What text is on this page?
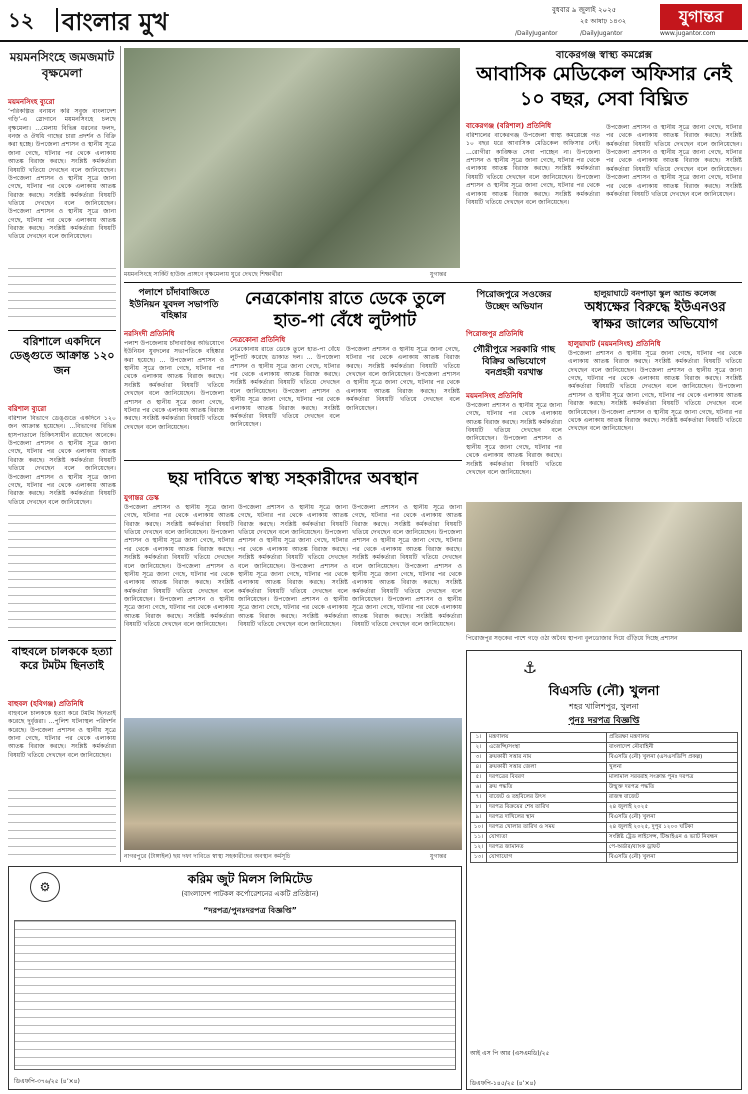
১২ বাংলার মুখ	বুধবার ৯ জুলাই ২০২৫
২৫ আষাঢ় ১৪৩২	যুগান্তর
/DailyJugantor	/DailyJugantor	www.jugantor.com
ময়মনসিংহে জমজমাট বৃক্ষমেলা
ময়মনসিংহ ব্যুরো
‘পরিকল্পিত বনায়ন করি সবুজ বাংলাদেশ গড়ি’-এ স্লোগানে ময়মনসিংহে চলছে বৃক্ষমেলা। ...মেলায় বিভিন্ন ধরনের ফলদ, বনজ ও ঔষধি গাছের চারা প্রদর্শন ও বিক্রি করা হচ্ছে। উপজেলা প্রশাসন ও স্থানীয় সূত্রে জানা গেছে, ঘটনার পর থেকে এলাকায় আতঙ্ক বিরাজ করছে। সংশ্লিষ্ট কর্মকর্তারা বিষয়টি খতিয়ে দেখছেন বলে জানিয়েছেন। উপজেলা প্রশাসন ও স্থানীয় সূত্রে জানা গেছে, ঘটনার পর থেকে এলাকায় আতঙ্ক বিরাজ করছে। সংশ্লিষ্ট কর্মকর্তারা বিষয়টি খতিয়ে দেখছেন বলে জানিয়েছেন। উপজেলা প্রশাসন ও স্থানীয় সূত্রে জানা গেছে, ঘটনার পর থেকে এলাকায় আতঙ্ক বিরাজ করছে। সংশ্লিষ্ট কর্মকর্তারা বিষয়টি খতিয়ে দেখছেন বলে জানিয়েছেন।
বরিশালে একদিনে ডেঙ্গুতে আক্রান্ত ১২০ জন
বরিশাল ব্যুরো
বরিশাল বিভাগে ডেঙ্গুতে একদিনে ১২০ জন আক্রান্ত হয়েছেন। ...বিভাগের বিভিন্ন হাসপাতালে চিকিৎসাধীন রয়েছেন অনেকে। উপজেলা প্রশাসন ও স্থানীয় সূত্রে জানা গেছে, ঘটনার পর থেকে এলাকায় আতঙ্ক বিরাজ করছে। সংশ্লিষ্ট কর্মকর্তারা বিষয়টি খতিয়ে দেখছেন বলে জানিয়েছেন। উপজেলা প্রশাসন ও স্থানীয় সূত্রে জানা গেছে, ঘটনার পর থেকে এলাকায় আতঙ্ক বিরাজ করছে। সংশ্লিষ্ট কর্মকর্তারা বিষয়টি খতিয়ে দেখছেন বলে জানিয়েছেন।
বাহুবলে চালককে হত্যা করে টমটম ছিনতাই
বাহুবল (হবিগঞ্জ) প্রতিনিধি
বাহুবলে চালককে হত্যা করে টমটম ছিনতাই করেছে দুর্বৃত্তরা। ...পুলিশ ঘটনাস্থল পরিদর্শন করেছে। উপজেলা প্রশাসন ও স্থানীয় সূত্রে জানা গেছে, ঘটনার পর থেকে এলাকায় আতঙ্ক বিরাজ করছে। সংশ্লিষ্ট কর্মকর্তারা বিষয়টি খতিয়ে দেখছেন বলে জানিয়েছেন।
ময়মনসিংহে সার্কিট হাউজ প্রাঙ্গণে বৃক্ষমেলায় ঘুরে দেখছে শিক্ষার্থীরা	যুগান্তর
বাকেরগঞ্জ স্বাস্থ্য কমপ্লেক্স
আবাসিক মেডিকেল অফিসার নেই ১০ বছর, সেবা বিঘ্নিত
বাকেরগঞ্জ (বরিশাল) প্রতিনিধি
বরিশালের বাকেরগঞ্জ উপজেলা স্বাস্থ্য কমপ্লেক্সে গত ১০ বছর ধরে আবাসিক মেডিকেল অফিসার নেই। ...রোগীরা কাঙ্ক্ষিত সেবা পাচ্ছেন না। উপজেলা প্রশাসন ও স্থানীয় সূত্রে জানা গেছে, ঘটনার পর থেকে এলাকায় আতঙ্ক বিরাজ করছে। সংশ্লিষ্ট কর্মকর্তারা বিষয়টি খতিয়ে দেখছেন বলে জানিয়েছেন। উপজেলা প্রশাসন ও স্থানীয় সূত্রে জানা গেছে, ঘটনার পর থেকে এলাকায় আতঙ্ক বিরাজ করছে। সংশ্লিষ্ট কর্মকর্তারা বিষয়টি খতিয়ে দেখছেন বলে জানিয়েছেন।
উপজেলা প্রশাসন ও স্থানীয় সূত্রে জানা গেছে, ঘটনার পর থেকে এলাকায় আতঙ্ক বিরাজ করছে। সংশ্লিষ্ট কর্মকর্তারা বিষয়টি খতিয়ে দেখছেন বলে জানিয়েছেন। উপজেলা প্রশাসন ও স্থানীয় সূত্রে জানা গেছে, ঘটনার পর থেকে এলাকায় আতঙ্ক বিরাজ করছে। সংশ্লিষ্ট কর্মকর্তারা বিষয়টি খতিয়ে দেখছেন বলে জানিয়েছেন। উপজেলা প্রশাসন ও স্থানীয় সূত্রে জানা গেছে, ঘটনার পর থেকে এলাকায় আতঙ্ক বিরাজ করছে। সংশ্লিষ্ট কর্মকর্তারা বিষয়টি খতিয়ে দেখছেন বলে জানিয়েছেন।
পলাশে চাঁদাবাজিতে ইউনিয়ন যুবদল সভাপতি বহিষ্কার
নরসিংদী প্রতিনিধি
পলাশ উপজেলায় চাঁদাবাজির অভিযোগে ইউনিয়ন যুবদলের সভাপতিকে বহিষ্কার করা হয়েছে। ... উপজেলা প্রশাসন ও স্থানীয় সূত্রে জানা গেছে, ঘটনার পর থেকে এলাকায় আতঙ্ক বিরাজ করছে। সংশ্লিষ্ট কর্মকর্তারা বিষয়টি খতিয়ে দেখছেন বলে জানিয়েছেন। উপজেলা প্রশাসন ও স্থানীয় সূত্রে জানা গেছে, ঘটনার পর থেকে এলাকায় আতঙ্ক বিরাজ করছে। সংশ্লিষ্ট কর্মকর্তারা বিষয়টি খতিয়ে দেখছেন বলে জানিয়েছেন।
নেত্রকোনায় রাতে ডেকে তুলে হাত-পা বেঁধে লুটপাট
নেত্রকোনা প্রতিনিধি
নেত্রকোনায় রাতে ডেকে তুলে হাত-পা বেঁধে লুটপাট করেছে ডাকাত দল। ... উপজেলা প্রশাসন ও স্থানীয় সূত্রে জানা গেছে, ঘটনার পর থেকে এলাকায় আতঙ্ক বিরাজ করছে। সংশ্লিষ্ট কর্মকর্তারা বিষয়টি খতিয়ে দেখছেন বলে জানিয়েছেন। উপজেলা প্রশাসন ও স্থানীয় সূত্রে জানা গেছে, ঘটনার পর থেকে এলাকায় আতঙ্ক বিরাজ করছে। সংশ্লিষ্ট কর্মকর্তারা বিষয়টি খতিয়ে দেখছেন বলে জানিয়েছেন।
উপজেলা প্রশাসন ও স্থানীয় সূত্রে জানা গেছে, ঘটনার পর থেকে এলাকায় আতঙ্ক বিরাজ করছে। সংশ্লিষ্ট কর্মকর্তারা বিষয়টি খতিয়ে দেখছেন বলে জানিয়েছেন। উপজেলা প্রশাসন ও স্থানীয় সূত্রে জানা গেছে, ঘটনার পর থেকে এলাকায় আতঙ্ক বিরাজ করছে। সংশ্লিষ্ট কর্মকর্তারা বিষয়টি খতিয়ে দেখছেন বলে জানিয়েছেন।
গৌরীপুরে সরকারি গাছ বিক্রির অভিযোগে বনপ্রহরী বরখাস্ত
ময়মনসিংহ প্রতিনিধি
উপজেলা প্রশাসন ও স্থানীয় সূত্রে জানা গেছে, ঘটনার পর থেকে এলাকায় আতঙ্ক বিরাজ করছে। সংশ্লিষ্ট কর্মকর্তারা বিষয়টি খতিয়ে দেখছেন বলে জানিয়েছেন। উপজেলা প্রশাসন ও স্থানীয় সূত্রে জানা গেছে, ঘটনার পর থেকে এলাকায় আতঙ্ক বিরাজ করছে। সংশ্লিষ্ট কর্মকর্তারা বিষয়টি খতিয়ে দেখছেন বলে জানিয়েছেন।
পিরোজপুরে সওজের উচ্ছেদ অভিযান
পিরোজপুর প্রতিনিধি
হালুয়াঘাটে বনপাড়া স্কুল অ্যান্ড কলেজ
অধ্যক্ষের বিরুদ্ধে ইউএনওর স্বাক্ষর জালের অভিযোগ
হালুয়াঘাট (ময়মনসিংহ) প্রতিনিধি
উপজেলা প্রশাসন ও স্থানীয় সূত্রে জানা গেছে, ঘটনার পর থেকে এলাকায় আতঙ্ক বিরাজ করছে। সংশ্লিষ্ট কর্মকর্তারা বিষয়টি খতিয়ে দেখছেন বলে জানিয়েছেন। উপজেলা প্রশাসন ও স্থানীয় সূত্রে জানা গেছে, ঘটনার পর থেকে এলাকায় আতঙ্ক বিরাজ করছে। সংশ্লিষ্ট কর্মকর্তারা বিষয়টি খতিয়ে দেখছেন বলে জানিয়েছেন। উপজেলা প্রশাসন ও স্থানীয় সূত্রে জানা গেছে, ঘটনার পর থেকে এলাকায় আতঙ্ক বিরাজ করছে। সংশ্লিষ্ট কর্মকর্তারা বিষয়টি খতিয়ে দেখছেন বলে জানিয়েছেন। উপজেলা প্রশাসন ও স্থানীয় সূত্রে জানা গেছে, ঘটনার পর থেকে এলাকায় আতঙ্ক বিরাজ করছে। সংশ্লিষ্ট কর্মকর্তারা বিষয়টি খতিয়ে দেখছেন বলে জানিয়েছেন।
পিরোজপুর সড়কের পাশে গড়ে ওঠা অবৈধ স্থাপনা বুলডোজার দিয়ে গুঁড়িয়ে দিচ্ছে প্রশাসন
ছয় দাবিতে স্বাস্থ্য সহকারীদের অবস্থান
যুগান্তর ডেস্ক
উপজেলা প্রশাসন ও স্থানীয় সূত্রে জানা গেছে, ঘটনার পর থেকে এলাকায় আতঙ্ক বিরাজ করছে। সংশ্লিষ্ট কর্মকর্তারা বিষয়টি খতিয়ে দেখছেন বলে জানিয়েছেন। উপজেলা প্রশাসন ও স্থানীয় সূত্রে জানা গেছে, ঘটনার পর থেকে এলাকায় আতঙ্ক বিরাজ করছে। সংশ্লিষ্ট কর্মকর্তারা বিষয়টি খতিয়ে দেখছেন বলে জানিয়েছেন। উপজেলা প্রশাসন ও স্থানীয় সূত্রে জানা গেছে, ঘটনার পর থেকে এলাকায় আতঙ্ক বিরাজ করছে। সংশ্লিষ্ট কর্মকর্তারা বিষয়টি খতিয়ে দেখছেন বলে জানিয়েছেন। উপজেলা প্রশাসন ও স্থানীয় সূত্রে জানা গেছে, ঘটনার পর থেকে এলাকায় আতঙ্ক বিরাজ করছে। সংশ্লিষ্ট কর্মকর্তারা বিষয়টি খতিয়ে দেখছেন বলে জানিয়েছেন।
উপজেলা প্রশাসন ও স্থানীয় সূত্রে জানা গেছে, ঘটনার পর থেকে এলাকায় আতঙ্ক বিরাজ করছে। সংশ্লিষ্ট কর্মকর্তারা বিষয়টি খতিয়ে দেখছেন বলে জানিয়েছেন। উপজেলা প্রশাসন ও স্থানীয় সূত্রে জানা গেছে, ঘটনার পর থেকে এলাকায় আতঙ্ক বিরাজ করছে। সংশ্লিষ্ট কর্মকর্তারা বিষয়টি খতিয়ে দেখছেন বলে জানিয়েছেন। উপজেলা প্রশাসন ও স্থানীয় সূত্রে জানা গেছে, ঘটনার পর থেকে এলাকায় আতঙ্ক বিরাজ করছে। সংশ্লিষ্ট কর্মকর্তারা বিষয়টি খতিয়ে দেখছেন বলে জানিয়েছেন। উপজেলা প্রশাসন ও স্থানীয় সূত্রে জানা গেছে, ঘটনার পর থেকে এলাকায় আতঙ্ক বিরাজ করছে। সংশ্লিষ্ট কর্মকর্তারা বিষয়টি খতিয়ে দেখছেন বলে জানিয়েছেন।
উপজেলা প্রশাসন ও স্থানীয় সূত্রে জানা গেছে, ঘটনার পর থেকে এলাকায় আতঙ্ক বিরাজ করছে। সংশ্লিষ্ট কর্মকর্তারা বিষয়টি খতিয়ে দেখছেন বলে জানিয়েছেন। উপজেলা প্রশাসন ও স্থানীয় সূত্রে জানা গেছে, ঘটনার পর থেকে এলাকায় আতঙ্ক বিরাজ করছে। সংশ্লিষ্ট কর্মকর্তারা বিষয়টি খতিয়ে দেখছেন বলে জানিয়েছেন। উপজেলা প্রশাসন ও স্থানীয় সূত্রে জানা গেছে, ঘটনার পর থেকে এলাকায় আতঙ্ক বিরাজ করছে। সংশ্লিষ্ট কর্মকর্তারা বিষয়টি খতিয়ে দেখছেন বলে জানিয়েছেন। উপজেলা প্রশাসন ও স্থানীয় সূত্রে জানা গেছে, ঘটনার পর থেকে এলাকায় আতঙ্ক বিরাজ করছে। সংশ্লিষ্ট কর্মকর্তারা বিষয়টি খতিয়ে দেখছেন বলে জানিয়েছেন।
নাগরপুরে (টাঙ্গাইল) ছয় দফা দাবিতে স্বাস্থ্য সহকারীদের অবস্থান কর্মসূচি	যুগান্তর
⚙
করিম জুট মিলস লিমিটেড
(বাংলাদেশ পাটকল কর্পোরেশনের একটি প্রতিষ্ঠান)
“দরপত্র/পুনঃদরপত্র বিজ্ঞপ্তি”
ডিএফপি-৩৭৬/২৫ (৪’×৪)
⚓
বিএসডি (নৌ) খুলনা
শহর খালিশপুর, খুলনা
পুনঃ দরপত্র বিজ্ঞপ্তি
১।	মন্ত্রণালয়	প্রতিরক্ষা মন্ত্রণালয়
২।	এজেন্সি/সংস্থা	বাংলাদেশ নৌবাহিনী
৩।	ক্রয়কারী সত্তার নাম	বিএসডি (নৌ) খুলনা (এসএসডিপি প্রকল্প)
৪।	ক্রয়কারী সত্তার জেলা	খুলনা
৫।	দরপত্রের বিবরণ	মালামাল সরবরাহ সংক্রান্ত পুনঃ দরপত্র
৬।	ক্রয় পদ্ধতি	উন্মুক্ত দরপত্র পদ্ধতি
৭।	বাজেট ও তহবিলের উৎস	রাজস্ব বাজেট
৮।	দরপত্র বিক্রয়ের শেষ তারিখ	২৪ জুলাই ২০২৫
৯।	দরপত্র দাখিলের স্থান	বিএসডি (নৌ) খুলনা
১০।	দরপত্র খোলার তারিখ ও সময়	২৪ জুলাই ২০২৫, দুপুর ১২০০ ঘটিকা
১১।	যোগ্যতা	সংশ্লিষ্ট ট্রেড লাইসেন্স, টিআইএন ও ভ্যাট নিবন্ধন
১২।	দরপত্র জামানত	পে-অর্ডার/ব্যাংক ড্রাফট
১৩।	যোগাযোগ	বিএসডি (নৌ) খুলনা
আই এস পি আর (এসএমডি)/২৫
ডিএফপি-১৪৫/২৫ (৪’×৪)
